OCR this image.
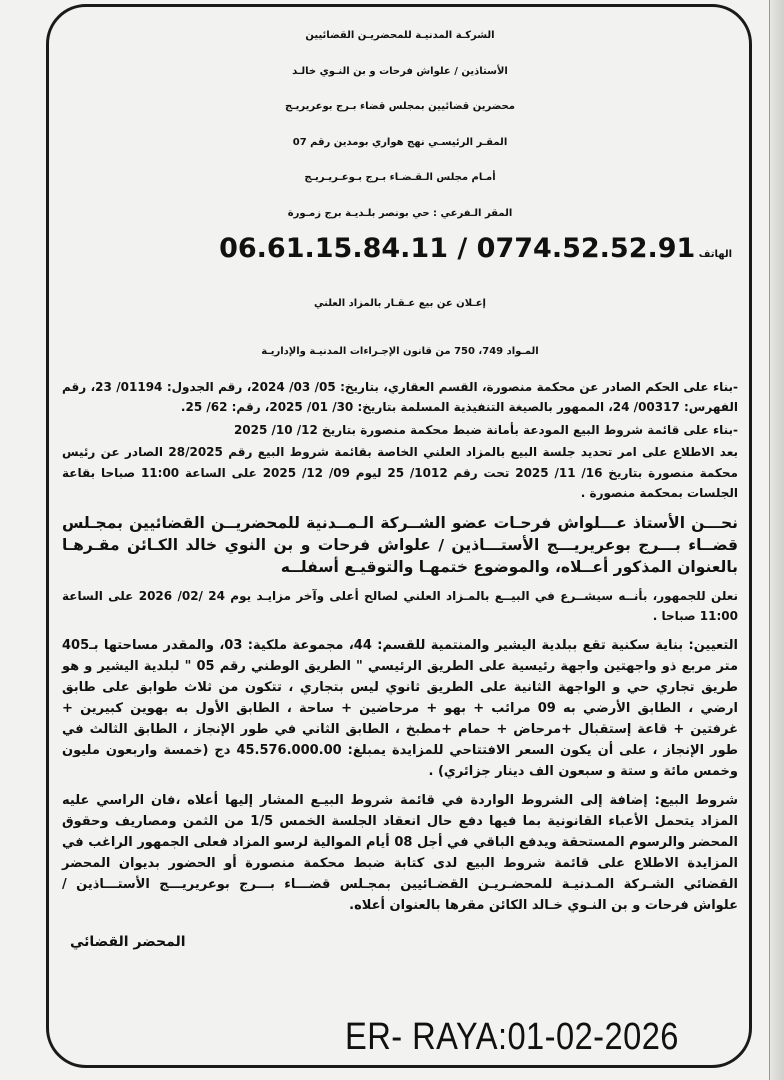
الشركـة المدنيـة للمحضريـن القضائيين
الأستاذين / علواش فرحات و بن النـوي خالـد
محضرين قضائيين بمجلس قضاء بـرج بوعريريـج
المقـر الرئيسـي نهج هواري بومدين رقم 07
أمـام مجلس الـقـضـاء بـرج بـوعـريـريـج
المقر الـفرعي : حي بونصر بلـديـة برج زمـورة
الهاتف 06.61.15.84.11 / 0774.52.52.91
إعـلان عن بيع عـقـار بالمزاد العلني
المـواد 749، 750 من قانون الإجـراءات المدنيـة والإداريـة
-بناء على الحكم الصادر عن محكمة منصورة، القسم العقاري، بتاريخ: 05/ 03/ 2024، رقم الجدول: 01194/ 23، رقم الفهرس: 00317/ 24، الممهور بالصيغة التنفيذية المسلمة بتاريخ: 30/ 01/ 2025، رقم: 62/ 25.
-بناء على قائمة شروط البيع المودعة بأمانة ضبط محكمة منصورة بتاريخ 12/ 10/ 2025
بعد الاطلاع على امر تحديد جلسة البيع بالمزاد العلني الخاصة بقائمة شروط البيع رقم 28/2025 الصادر عن رئيس محكمة منصورة بتاريخ 16/ 11/ 2025 تحت رقم 1012/ 25 ليوم 09/ 12/ 2025 على الساعة 11:00 صباحا بقاعة الجلسات بمحكمة منصورة .
نحـــن الأستاذ عـــلواش فرحـات عضو الشــركة الـمــدنية للمحضريــن القضائيين بمجـلس قضــاء بـــرج بوعريريـــج الأستـــاذين / علواش فرحات و بن النوي خالد الكـائن مقـرهـا بالعنوان المذكور أعــلاه، والموضوع ختمهـا والتوقيـع أسفلــه
نعلن للجمهور، بأنــه سيشــرع في البيــع بالمـزاد العلني لصالح أعلى وآخر مزايـد يوم 24 /02/ 2026 على الساعة 11:00 صباحا .
التعيين: بناية سكنية تقع ببلدية اليشير والمنتمية للقسم: 44، مجموعة ملكية: 03، والمقدر مساحتها بـ405 متر مربع ذو واجهتين واجهة رئيسية على الطريق الرئيسي " الطريق الوطني رقم 05 " لبلدية اليشير و هو طريق تجاري حي و الواجهة الثانية على الطريق ثانوي ليس بتجاري ، تتكون من ثلاث طوابق على طابق ارضي ، الطابق الأرضي به 09 مرائب + بهو + مرحاضين + ساحة ، الطابق الأول به بهوين كبيرين + غرفتين + قاعة إستقبال +مرحاض + حمام +مطبخ ، الطابق الثاني في طور الإنجاز ، الطابق الثالث في طور الإنجاز ، على أن يكون السعر الافتتاحي للمزايدة يمبلغ: 45.576.000.00 دج (خمسة واربعون مليون وخمس مائة و ستة و سبعون الف دينار جزائري) .
شروط البيع: إضافة إلى الشروط الواردة في قائمة شروط البيـع المشار إليها أعلاه ،فان الراسي عليه المزاد يتحمل الأعباء القانونية بما فيها دفع حال انعقاد الجلسة الخمس 1/5 من الثمن ومصاريف وحقوق المحضر والرسوم المستحقة ويدفع الباقي في أجل 08 أيام الموالية لرسو المزاد فعلى الجمهور الراغب في المزايدة الاطلاع على قائمة شروط البيع لدى كتابة ضبط محكمة منصورة أو الحضور بديوان المحضر القضائي الشـركة المـدنيـة للمحضـريـن القضـائيين بمجـلس قضـــاء بـــرج بوعريريـــج الأستـــاذين / علواش فرحات و بن النـوي خـالد الكائن مقرها بالعنوان أعلاه.
المحضر القضائي
ER- RAYA:01-02-2026
